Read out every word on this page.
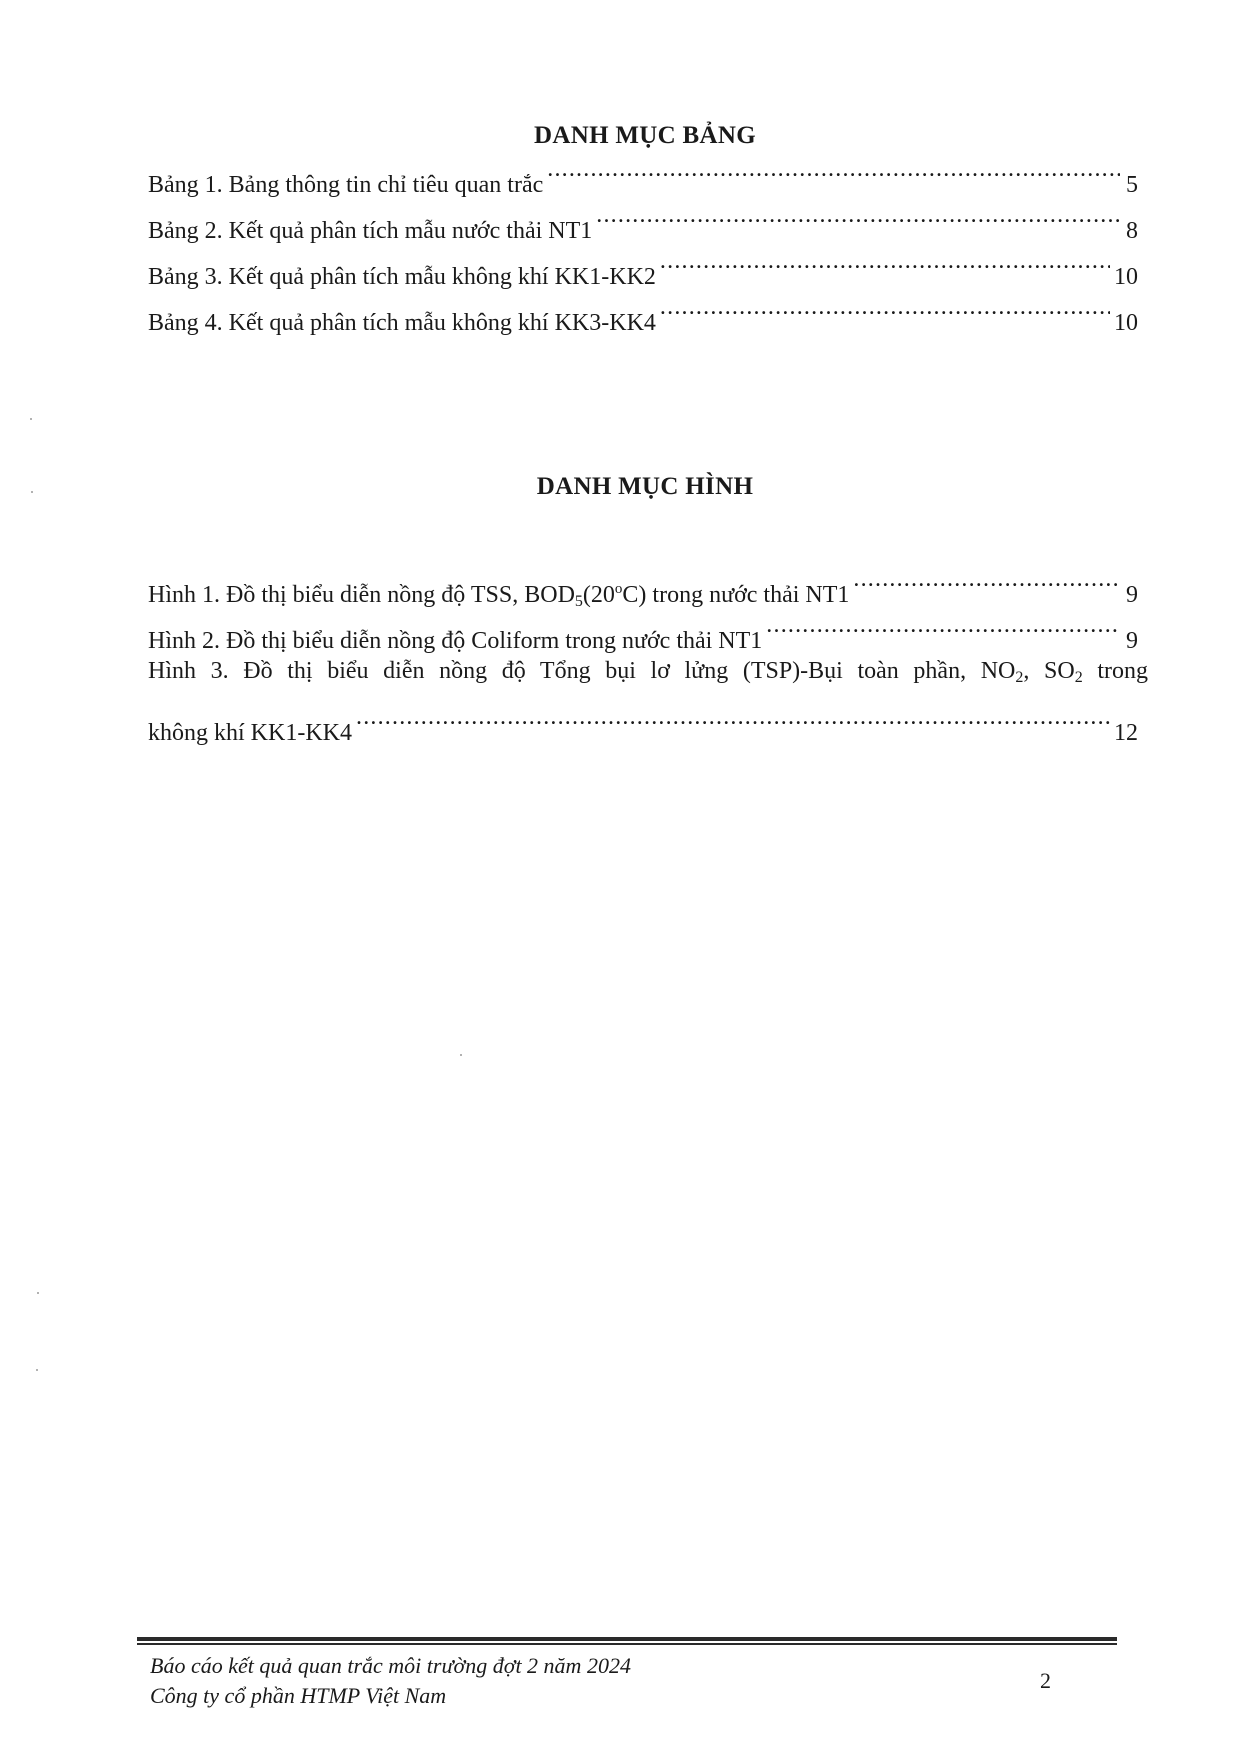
DANH MỤC BẢNG
Bảng 1. Bảng thông tin chỉ tiêu quan trắc .....	5
Bảng 2. Kết quả phân tích mẫu nước thải NT1 .....	8
Bảng 3. Kết quả phân tích mẫu không khí KK1-KK2 .....	10
Bảng 4. Kết quả phân tích mẫu không khí KK3-KK4 .....	10
DANH MỤC HÌNH
Hình 1. Đồ thị biểu diễn nồng độ TSS, $BOD_5(20^oC)$ trong nước thải NT1 .....	9
Hình 2. Đồ thị biểu diễn nồng độ Coliform trong nước thải NT1 .....	9
Hình 3. Đồ thị biểu diễn nồng độ Tổng bụi lơ lửng (TSP)-Bụi toàn phần, $NO_2$, $SO_2$ trong
không khí KK1-KK4 .....	12
Báo cáo kết quả quan trắc môi trường đợt 2 năm 2024
Công ty cổ phần HTMP Việt Nam
2
